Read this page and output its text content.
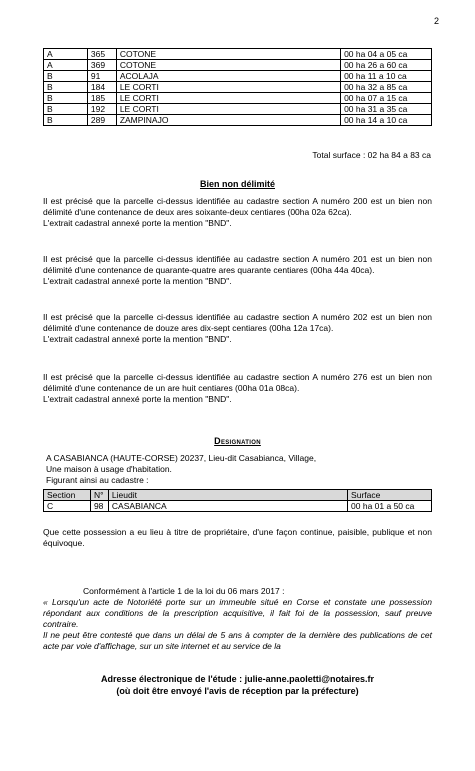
2
A	365	COTONE	00 ha 04 a 05 ca
A	369	COTONE	00 ha 26 a 60 ca
B	91	ACOLAJA	00 ha 11 a 10 ca
B	184	LE CORTI	00 ha 32 a 85 ca
B	185	LE CORTI	00 ha 07 a 15 ca
B	192	LE CORTI	00 ha 31 a 35 ca
B	289	ZAMPINAJO	00 ha 14 a 10 ca
Total surface : 02 ha 84 a 83 ca
Bien non délimité

Il est précisé que la parcelle ci-dessus identifiée au cadastre section A numéro 200 est un bien non délimité d'une contenance de deux ares soixante-deux centiares (00ha 02a 62ca).

L'extrait cadastral annexé porte la mention "BND".

Il est précisé que la parcelle ci-dessus identifiée au cadastre section A numéro 201 est un bien non délimité d'une contenance de quarante-quatre ares quarante centiares (00ha 44a 40ca).

L'extrait cadastral annexé porte la mention "BND".

Il est précisé que la parcelle ci-dessus identifiée au cadastre section A numéro 202 est un bien non délimité d'une contenance de douze ares dix-sept centiares (00ha 12a 17ca).

L'extrait cadastral annexé porte la mention "BND".

Il est précisé que la parcelle ci-dessus identifiée au cadastre section A numéro 276 est un bien non délimité d'une contenance de un are huit centiares (00ha 01a 08ca).

L'extrait cadastral annexé porte la mention "BND".

Designation
A CASABIANCA (HAUTE-CORSE) 20237, Lieu-dit Casabianca, Village,
Une maison à usage d'habitation.
Figurant ainsi au cadastre :
Section	N°	Lieudit	Surface
C	98	CASABIANCA	00 ha 01 a 50 ca

Que cette possession a eu lieu à titre de propriétaire, d'une façon continue, paisible, publique et non équivoque.

Conformément à l'article 1 de la loi du 06 mars 2017 :

« Lorsqu'un acte de Notoriété porte sur un immeuble situé en Corse et constate une possession répondant aux conditions de la prescription acquisitive, il fait foi de la possession, sauf preuve contraire.

Il ne peut être contesté que dans un délai de 5 ans à compter de la dernière des publications de cet acte par voie d'affichage, sur un site internet et au service de la

Adresse électronique de l'étude : julie-anne.paoletti@notaires.fr
(où doit être envoyé l'avis de réception par la préfecture)
